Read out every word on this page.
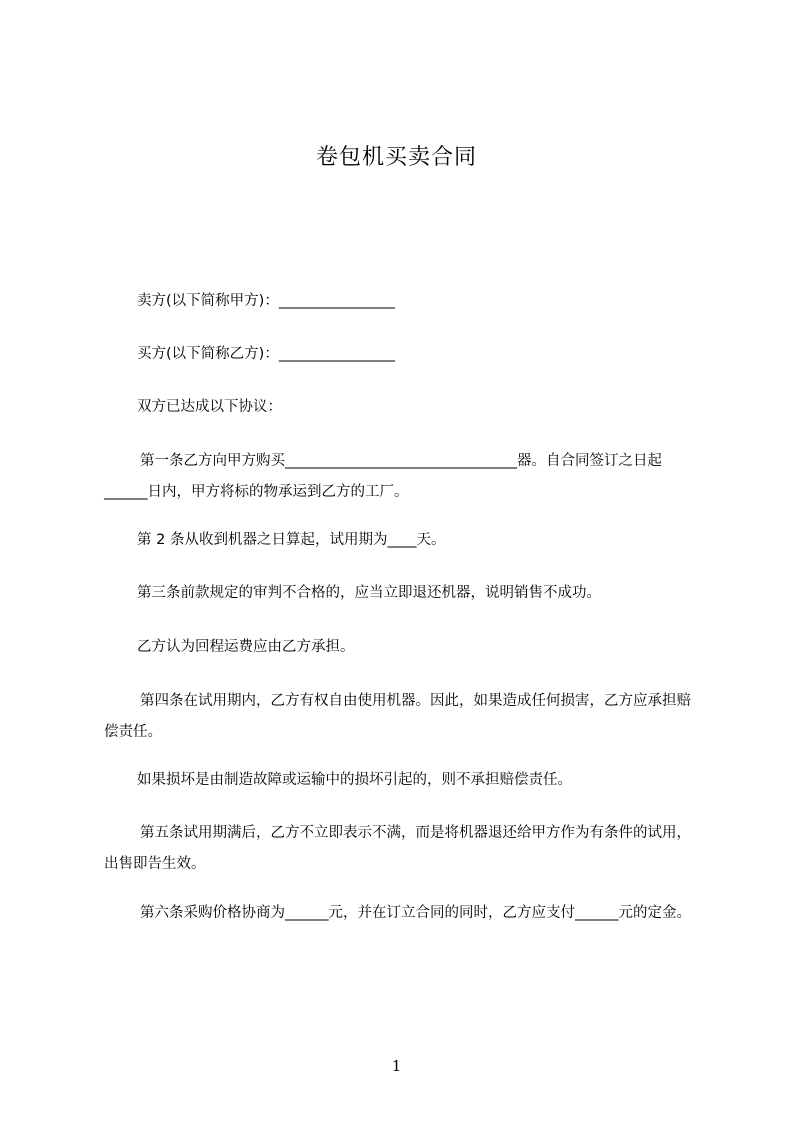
卷包机买卖合同

卖方(以下简称甲方)：________________

买方(以下简称乙方)：________________

双方已达成以下协议：

第一条乙方向甲方购买________________________________器。自合同签订之日起______日内，甲方将标的物承运到乙方的工厂。

第 2 条从收到机器之日算起，试用期为____天。

第三条前款规定的审判不合格的，应当立即退还机器，说明销售不成功。

乙方认为回程运费应由乙方承担。

第四条在试用期内，乙方有权自由使用机器。因此，如果造成任何损害，乙方应承担赔偿责任。

如果损坏是由制造故障或运输中的损坏引起的，则不承担赔偿责任。

第五条试用期满后，乙方不立即表示不满，而是将机器退还给甲方作为有条件的试用，出售即告生效。

第六条采购价格协商为______元，并在订立合同的同时，乙方应支付______元的定金。

1
